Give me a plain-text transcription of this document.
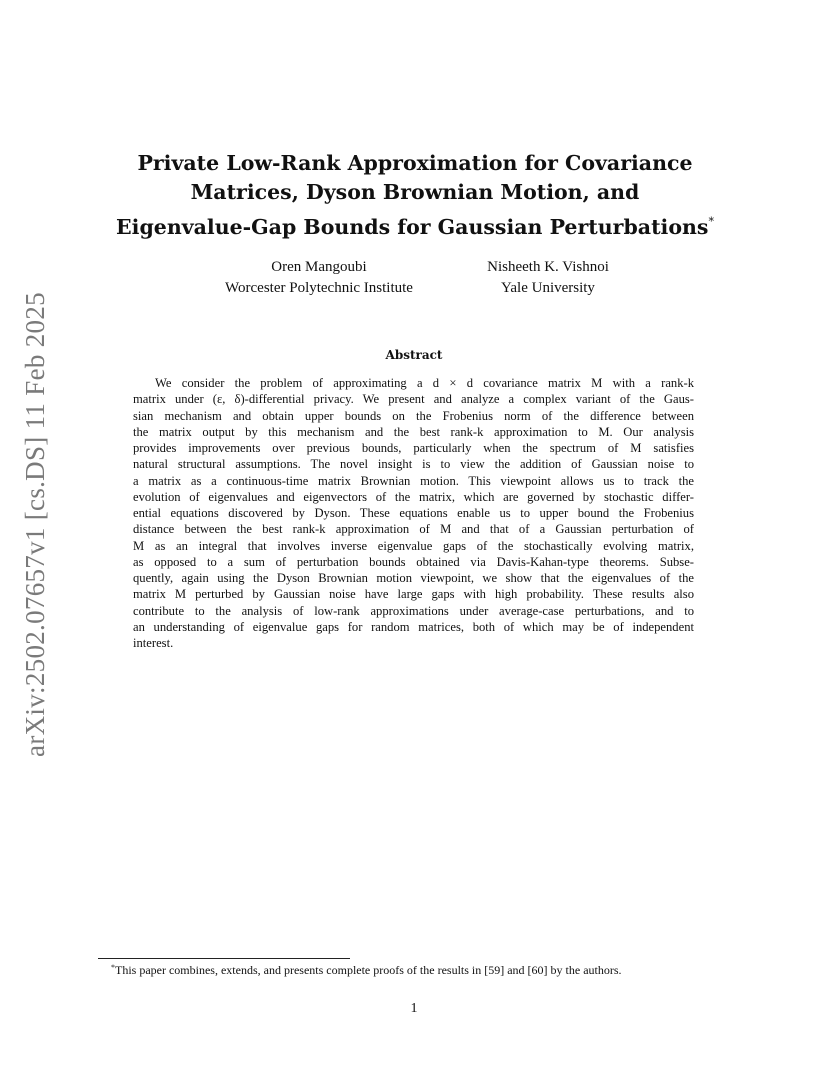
arXiv:2502.07657v1 [cs.DS] 11 Feb 2025
Private Low-Rank Approximation for Covariance
Matrices, Dyson Brownian Motion, and
Eigenvalue-Gap Bounds for Gaussian Perturbations*
Oren Mangoubi
Worcester Polytechnic Institute
Nisheeth K. Vishnoi
Yale University
Abstract
We consider the problem of approximating a d × d covariance matrix M with a rank-k
matrix under (ε, δ)-differential privacy. We present and analyze a complex variant of the Gaus-
sian mechanism and obtain upper bounds on the Frobenius norm of the difference between
the matrix output by this mechanism and the best rank-k approximation to M. Our analysis
provides improvements over previous bounds, particularly when the spectrum of M satisfies
natural structural assumptions. The novel insight is to view the addition of Gaussian noise to
a matrix as a continuous-time matrix Brownian motion. This viewpoint allows us to track the
evolution of eigenvalues and eigenvectors of the matrix, which are governed by stochastic differ-
ential equations discovered by Dyson. These equations enable us to upper bound the Frobenius
distance between the best rank-k approximation of M and that of a Gaussian perturbation of
M as an integral that involves inverse eigenvalue gaps of the stochastically evolving matrix,
as opposed to a sum of perturbation bounds obtained via Davis-Kahan-type theorems. Subse-
quently, again using the Dyson Brownian motion viewpoint, we show that the eigenvalues of the
matrix M perturbed by Gaussian noise have large gaps with high probability. These results also
contribute to the analysis of low-rank approximations under average-case perturbations, and to
an understanding of eigenvalue gaps for random matrices, both of which may be of independent
interest.
*This paper combines, extends, and presents complete proofs of the results in [59] and [60] by the authors.
1
